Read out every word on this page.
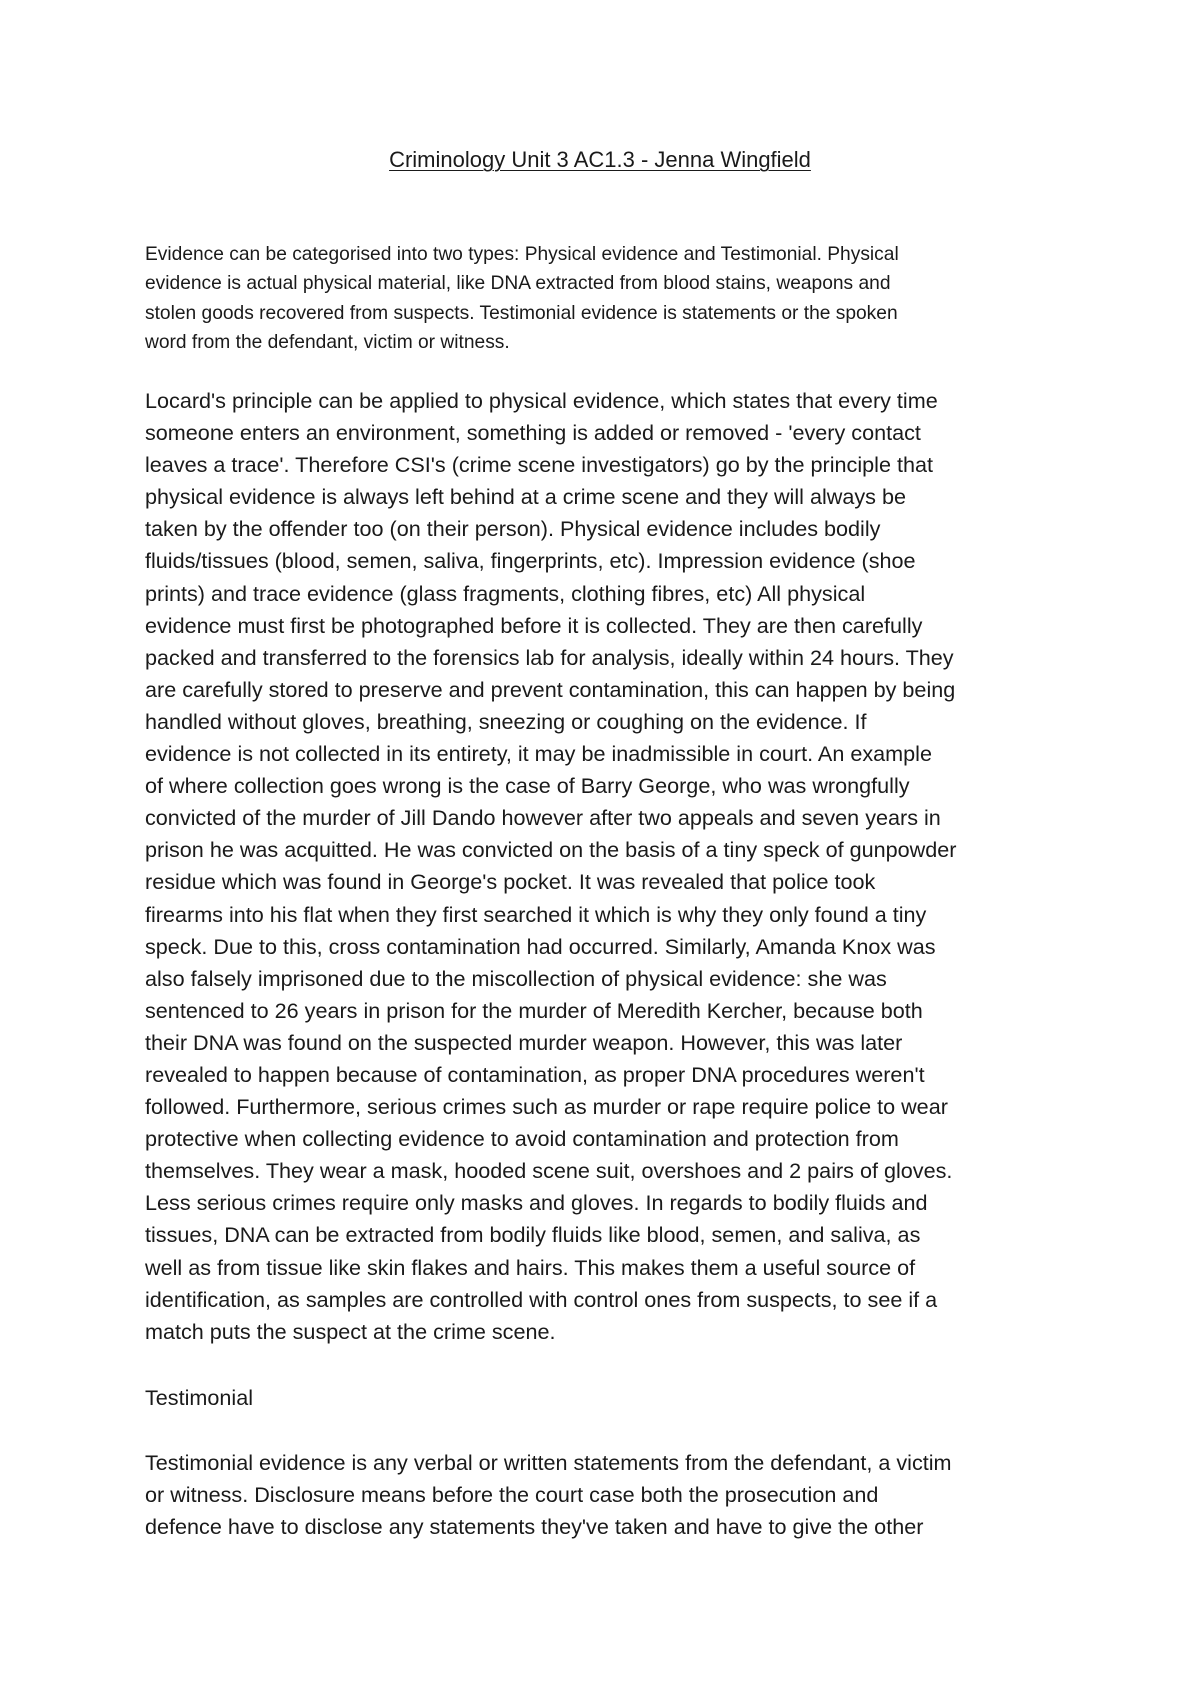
Criminology Unit 3 AC1.3 - Jenna Wingfield

Evidence can be categorised into two types: Physical evidence and Testimonial. Physical

evidence is actual physical material, like DNA extracted from blood stains, weapons and

stolen goods recovered from suspects. Testimonial evidence is statements or the spoken

word from the defendant, victim or witness.

Locard's principle can be applied to physical evidence, which states that every time

someone enters an environment, something is added or removed - 'every contact

leaves a trace'. Therefore CSI's (crime scene investigators) go by the principle that

physical evidence is always left behind at a crime scene and they will always be

taken by the offender too (on their person). Physical evidence includes bodily

fluids/tissues (blood, semen, saliva, fingerprints, etc). Impression evidence (shoe

prints) and trace evidence (glass fragments, clothing fibres, etc) All physical

evidence must first be photographed before it is collected. They are then carefully

packed and transferred to the forensics lab for analysis, ideally within 24 hours. They

are carefully stored to preserve and prevent contamination, this can happen by being

handled without gloves, breathing, sneezing or coughing on the evidence. If

evidence is not collected in its entirety, it may be inadmissible in court. An example

of where collection goes wrong is the case of Barry George, who was wrongfully

convicted of the murder of Jill Dando however after two appeals and seven years in

prison he was acquitted. He was convicted on the basis of a tiny speck of gunpowder

residue which was found in George's pocket. It was revealed that police took

firearms into his flat when they first searched it which is why they only found a tiny

speck. Due to this, cross contamination had occurred. Similarly, Amanda Knox was

also falsely imprisoned due to the miscollection of physical evidence: she was

sentenced to 26 years in prison for the murder of Meredith Kercher, because both

their DNA was found on the suspected murder weapon. However, this was later

revealed to happen because of contamination, as proper DNA procedures weren't

followed. Furthermore, serious crimes such as murder or rape require police to wear

protective when collecting evidence to avoid contamination and protection from

themselves. They wear a mask, hooded scene suit, overshoes and 2 pairs of gloves.

Less serious crimes require only masks and gloves. In regards to bodily fluids and

tissues, DNA can be extracted from bodily fluids like blood, semen, and saliva, as

well as from tissue like skin flakes and hairs. This makes them a useful source of

identification, as samples are controlled with control ones from suspects, to see if a

match puts the suspect at the crime scene.

Testimonial

Testimonial evidence is any verbal or written statements from the defendant, a victim

or witness. Disclosure means before the court case both the prosecution and

defence have to disclose any statements they've taken and have to give the other
